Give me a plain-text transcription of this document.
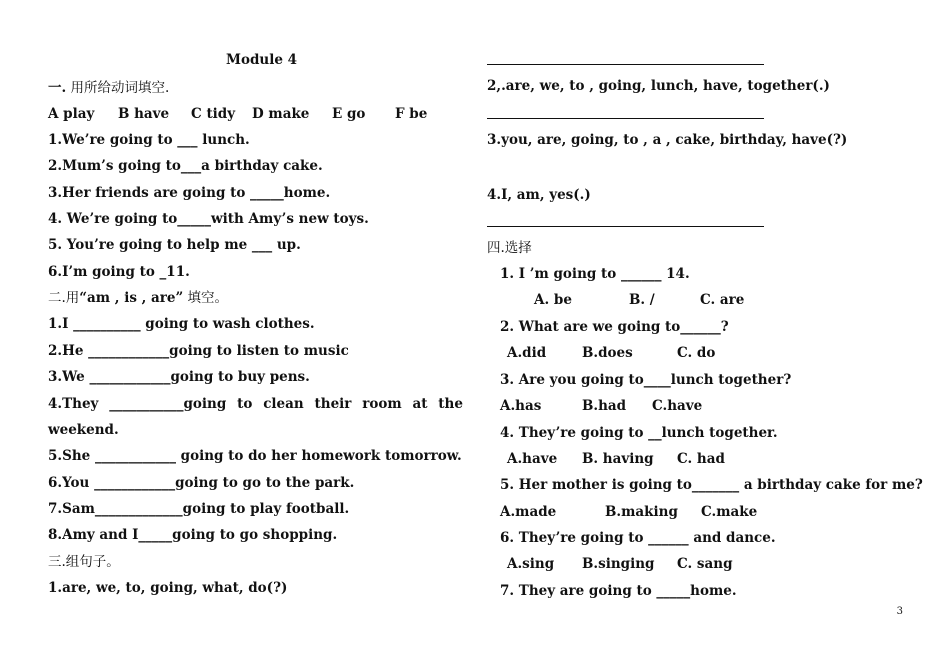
Module 4
一. 用所给动词填空.
A play B have C tidy D make E go F be
1.We’re going to ___ lunch.
2.Mum’s going to___a birthday cake.
3.Her friends are going to _____home.
4. We’re going to_____with Amy’s new toys.
5. You’re going to help me ___ up.
6.I’m going to _11.
二.用“am , is , are” 填空。
1.I __________ going to wash clothes.
2.He ____________going to listen to music
3.We ____________going to buy pens.
4.They ___________going to clean their room at the
weekend.
5.She ____________ going to do her homework tomorrow.
6.You ____________going to go to the park.
7.Sam_____________going to play football.
8.Amy and I_____going to go shopping.
三.组句子。
1.are, we, to, going, what, do(?)
2,.are, we, to , going, lunch, have, together(.)
3.you, are, going, to , a , cake, birthday, have(?)
4.I, am, yes(.)
四.选择
1. I ’m going to ______ 14.
A. be	B. /	C. are
2. What are we going to______?
A.did	B.does	C. do
3. Are you going to____lunch together?
A.has	B.had C.have
4. They’re going to __lunch together.
A.have B. having C. had
5. Her mother is going to_______ a birthday cake for me?
A.made	B.making C.make
6. They’re going to ______ and dance.
A.sing B.singing C. sang
7. They are going to _____home.
3
